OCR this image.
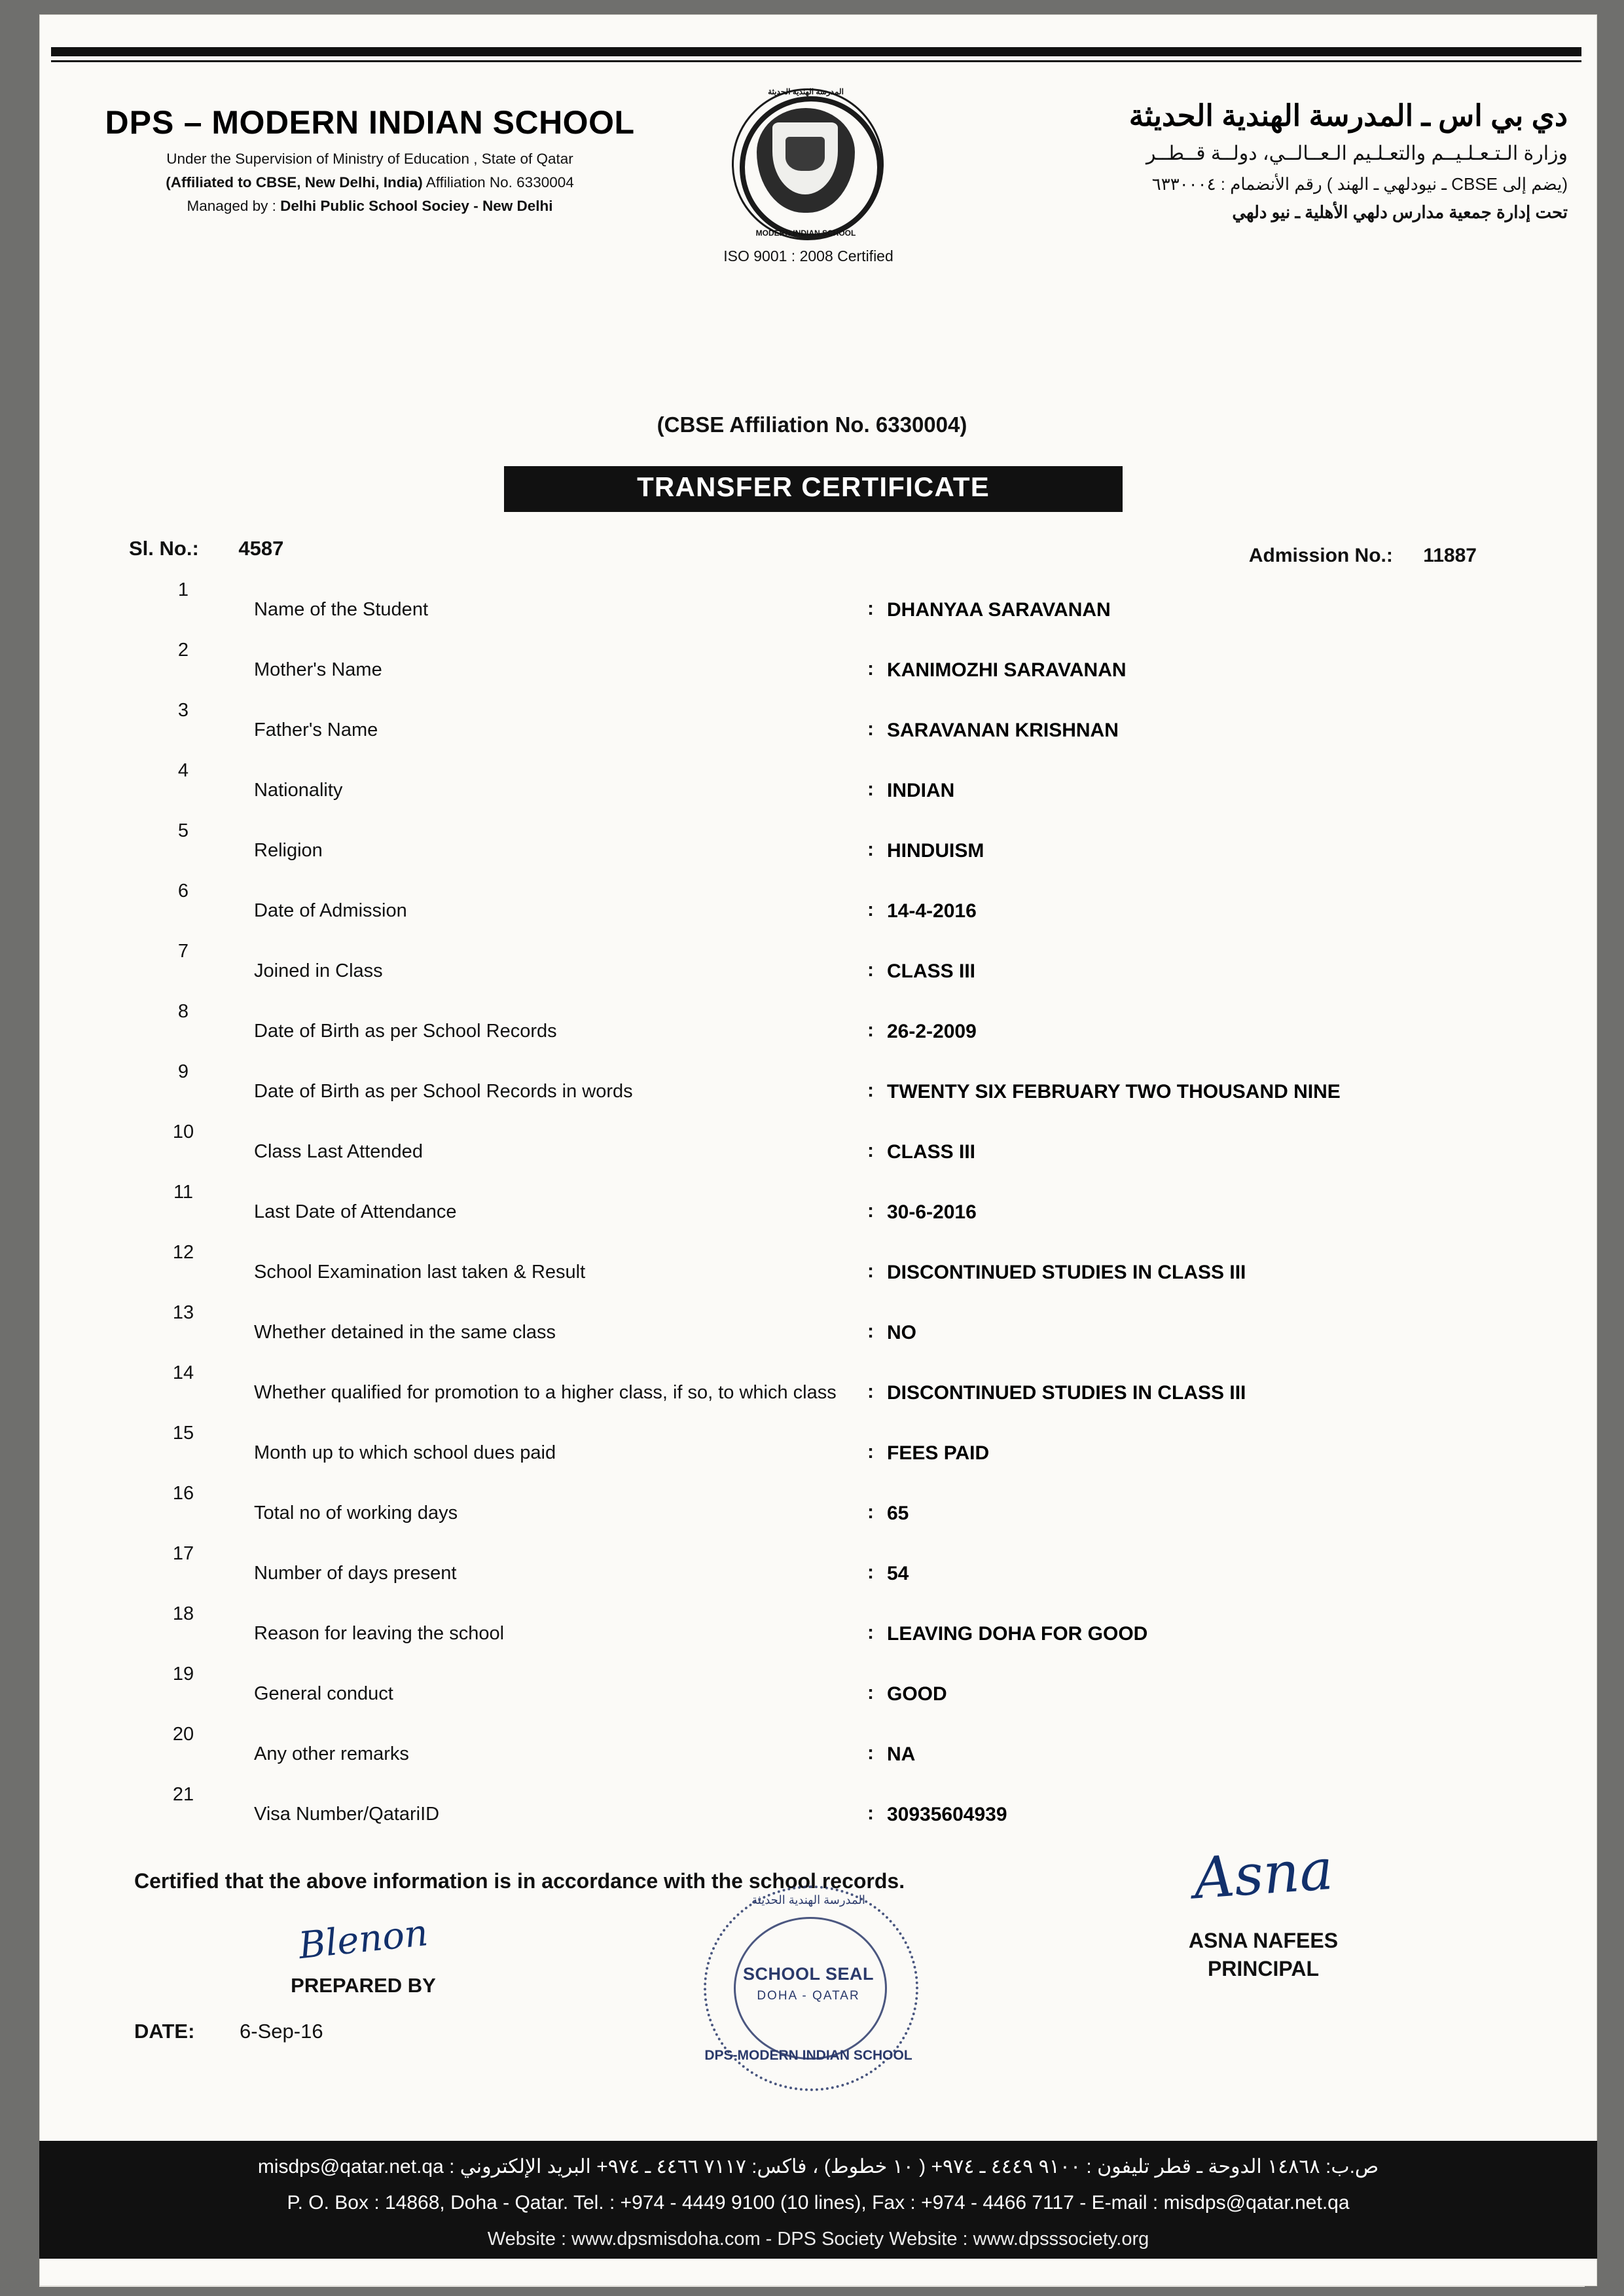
DPS – MODERN INDIAN SCHOOL
Under the Supervision of Ministry of Education , State of Qatar
(Affiliated to CBSE, New Delhi, India) Affiliation No. 6330004
Managed by : Delhi Public School Sociey - New Delhi
المدرسة الهندية الحديثة
MODERN INDIAN SCHOOL
ISO 9001 : 2008 Certified
دي بي اس ـ المدرسة الهندية الحديثة
وزارة الـتـعـلـيــم والتعـلـيم الـعــالــي، دولــة قــطــر
(يضم إلى CBSE ـ نيودلهي ـ الهند ) رقم الأنضمام : ٦٣٣٠٠٠٤
تحت إدارة جمعية مدارس دلهي الأهلية ـ نيو دلهي
(CBSE Affiliation No. 6330004)
TRANSFER CERTIFICATE
Sl. No.: 4587	Admission No.: 11887
1
Name of the Student	: DHANYAA SARAVANAN
2
Mother's Name	: KANIMOZHI SARAVANAN
3
Father's Name	: SARAVANAN KRISHNAN
4
Nationality	: INDIAN
5
Religion	: HINDUISM
6
Date of Admission	: 14-4-2016
7
Joined in Class	: CLASS III
8
Date of Birth as per School Records	: 26-2-2009
9
Date of Birth as per School Records in words	: TWENTY SIX FEBRUARY TWO THOUSAND NINE
10
Class Last Attended	: CLASS III
11
Last Date of Attendance	: 30-6-2016
12
School Examination last taken & Result	: DISCONTINUED STUDIES IN CLASS III
13
Whether detained in the same class	: NO
14
Whether qualified for promotion to a higher class, if so, to which class	: DISCONTINUED STUDIES IN CLASS III
15
Month up to which school dues paid	: FEES PAID
16
Total no of working days	: 65
17
Number of days present	: 54
18
Reason for leaving the school	: LEAVING DOHA FOR GOOD
19
General conduct	: GOOD
20
Any other remarks	: NA
21
Visa Number/QatariID	: 30935604939
Certified that the above information is in accordance with the school records.
Blenon
PREPARED BY
DATE: 6-Sep-16
المدرسة الهندية الحديثة
SCHOOL SEAL
DOHA - QATAR
DPS-MODERN INDIAN SCHOOL
Asna
ASNA NAFEES
PRINCIPAL
ص.ب: ١٤٨٦٨ الدوحة ـ قطر تليفون : ٩١٠٠ ٤٤٤٩ ـ ٩٧٤+ ( ١٠ خطوط) ، فاكس: ٧١١٧ ٤٤٦٦ ـ ٩٧٤+ البريد الإلكتروني : misdps@qatar.net.qa
P. O. Box : 14868, Doha - Qatar. Tel. : +974 - 4449 9100 (10 lines), Fax : +974 - 4466 7117 - E-mail : misdps@qatar.net.qa
Website : www.dpsmisdoha.com - DPS Society Website : www.dpsssociety.org
